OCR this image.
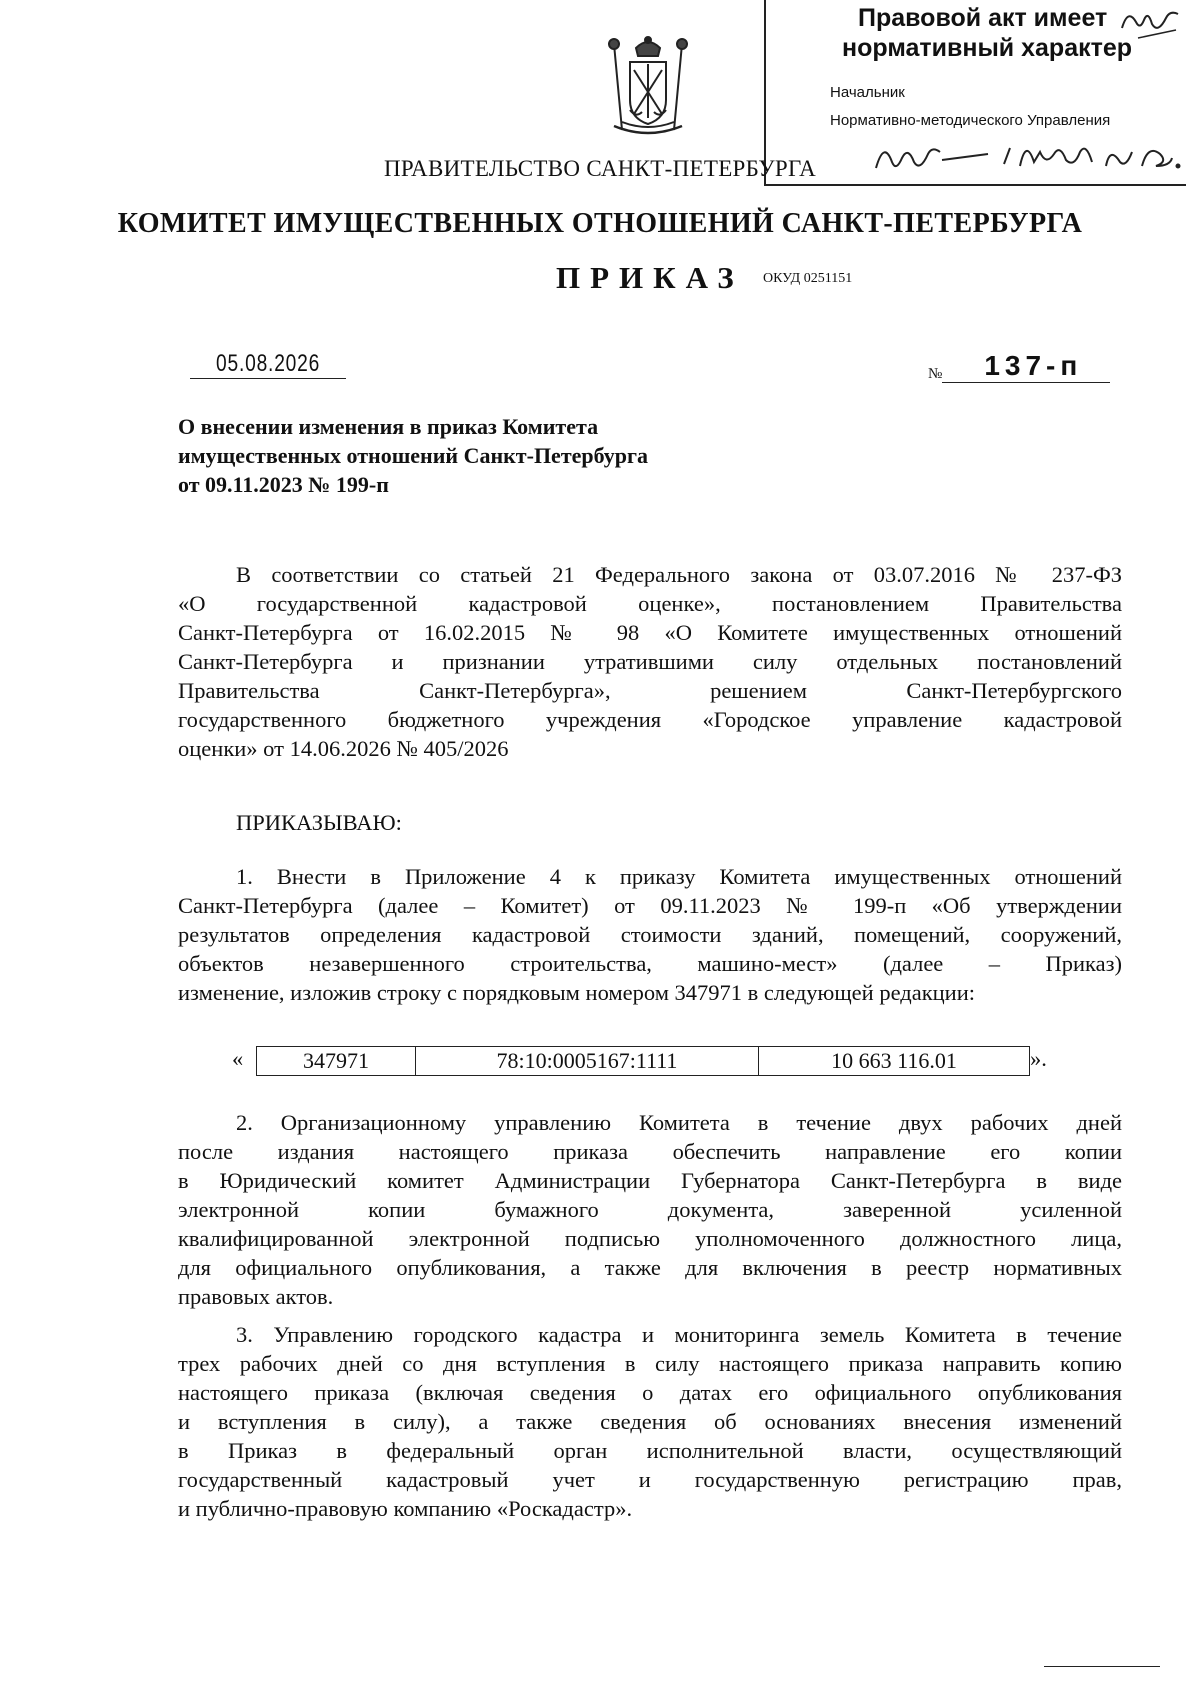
Правовой акт имеет
нормативный характер
Начальник
Нормативно-методического Управления
ПРАВИТЕЛЬСТВО САНКТ-ПЕТЕРБУРГА
КОМИТЕТ ИМУЩЕСТВЕННЫХ ОТНОШЕНИЙ САНКТ-ПЕТЕРБУРГА
ПРИКАЗ ОКУД 0251151
05.08.2026	№ 137-п
О внесении изменения в приказ Комитета
имущественных отношений Санкт-Петербурга
от 09.11.2023 № 199-п
В соответствии со статьей 21 Федерального закона от 03.07.2016 № 237-ФЗ
«О государственной кадастровой оценке», постановлением Правительства
Санкт-Петербурга от 16.02.2015 № 98 «О Комитете имущественных отношений
Санкт-Петербурга и признании утратившими силу отдельных постановлений
Правительства Санкт-Петербурга», решением Санкт-Петербургского
государственного бюджетного учреждения «Городское управление кадастровой
оценки» от 14.06.2026 № 405/2026
ПРИКАЗЫВАЮ:
1. Внести в Приложение 4 к приказу Комитета имущественных отношений
Санкт-Петербурга (далее – Комитет) от 09.11.2023 № 199-п «Об утверждении
результатов определения кадастровой стоимости зданий, помещений, сооружений,
объектов незавершенного строительства, машино-мест» (далее – Приказ)
изменение, изложив строку с порядковым номером 347971 в следующей редакции:
«	347971	78:10:0005167:1111	10 663 116.01	».
2. Организационному управлению Комитета в течение двух рабочих дней
после издания настоящего приказа обеспечить направление его копии
в Юридический комитет Администрации Губернатора Санкт-Петербурга в виде
электронной копии бумажного документа, заверенной усиленной
квалифицированной электронной подписью уполномоченного должностного лица,
для официального опубликования, а также для включения в реестр нормативных
правовых актов.
3. Управлению городского кадастра и мониторинга земель Комитета в течение
трех рабочих дней со дня вступления в силу настоящего приказа направить копию
настоящего приказа (включая сведения о датах его официального опубликования
и вступления в силу), а также сведения об основаниях внесения изменений
в Приказ в федеральный орган исполнительной власти, осуществляющий
государственный кадастровый учет и государственную регистрацию прав,
и публично-правовую компанию «Роскадастр».
